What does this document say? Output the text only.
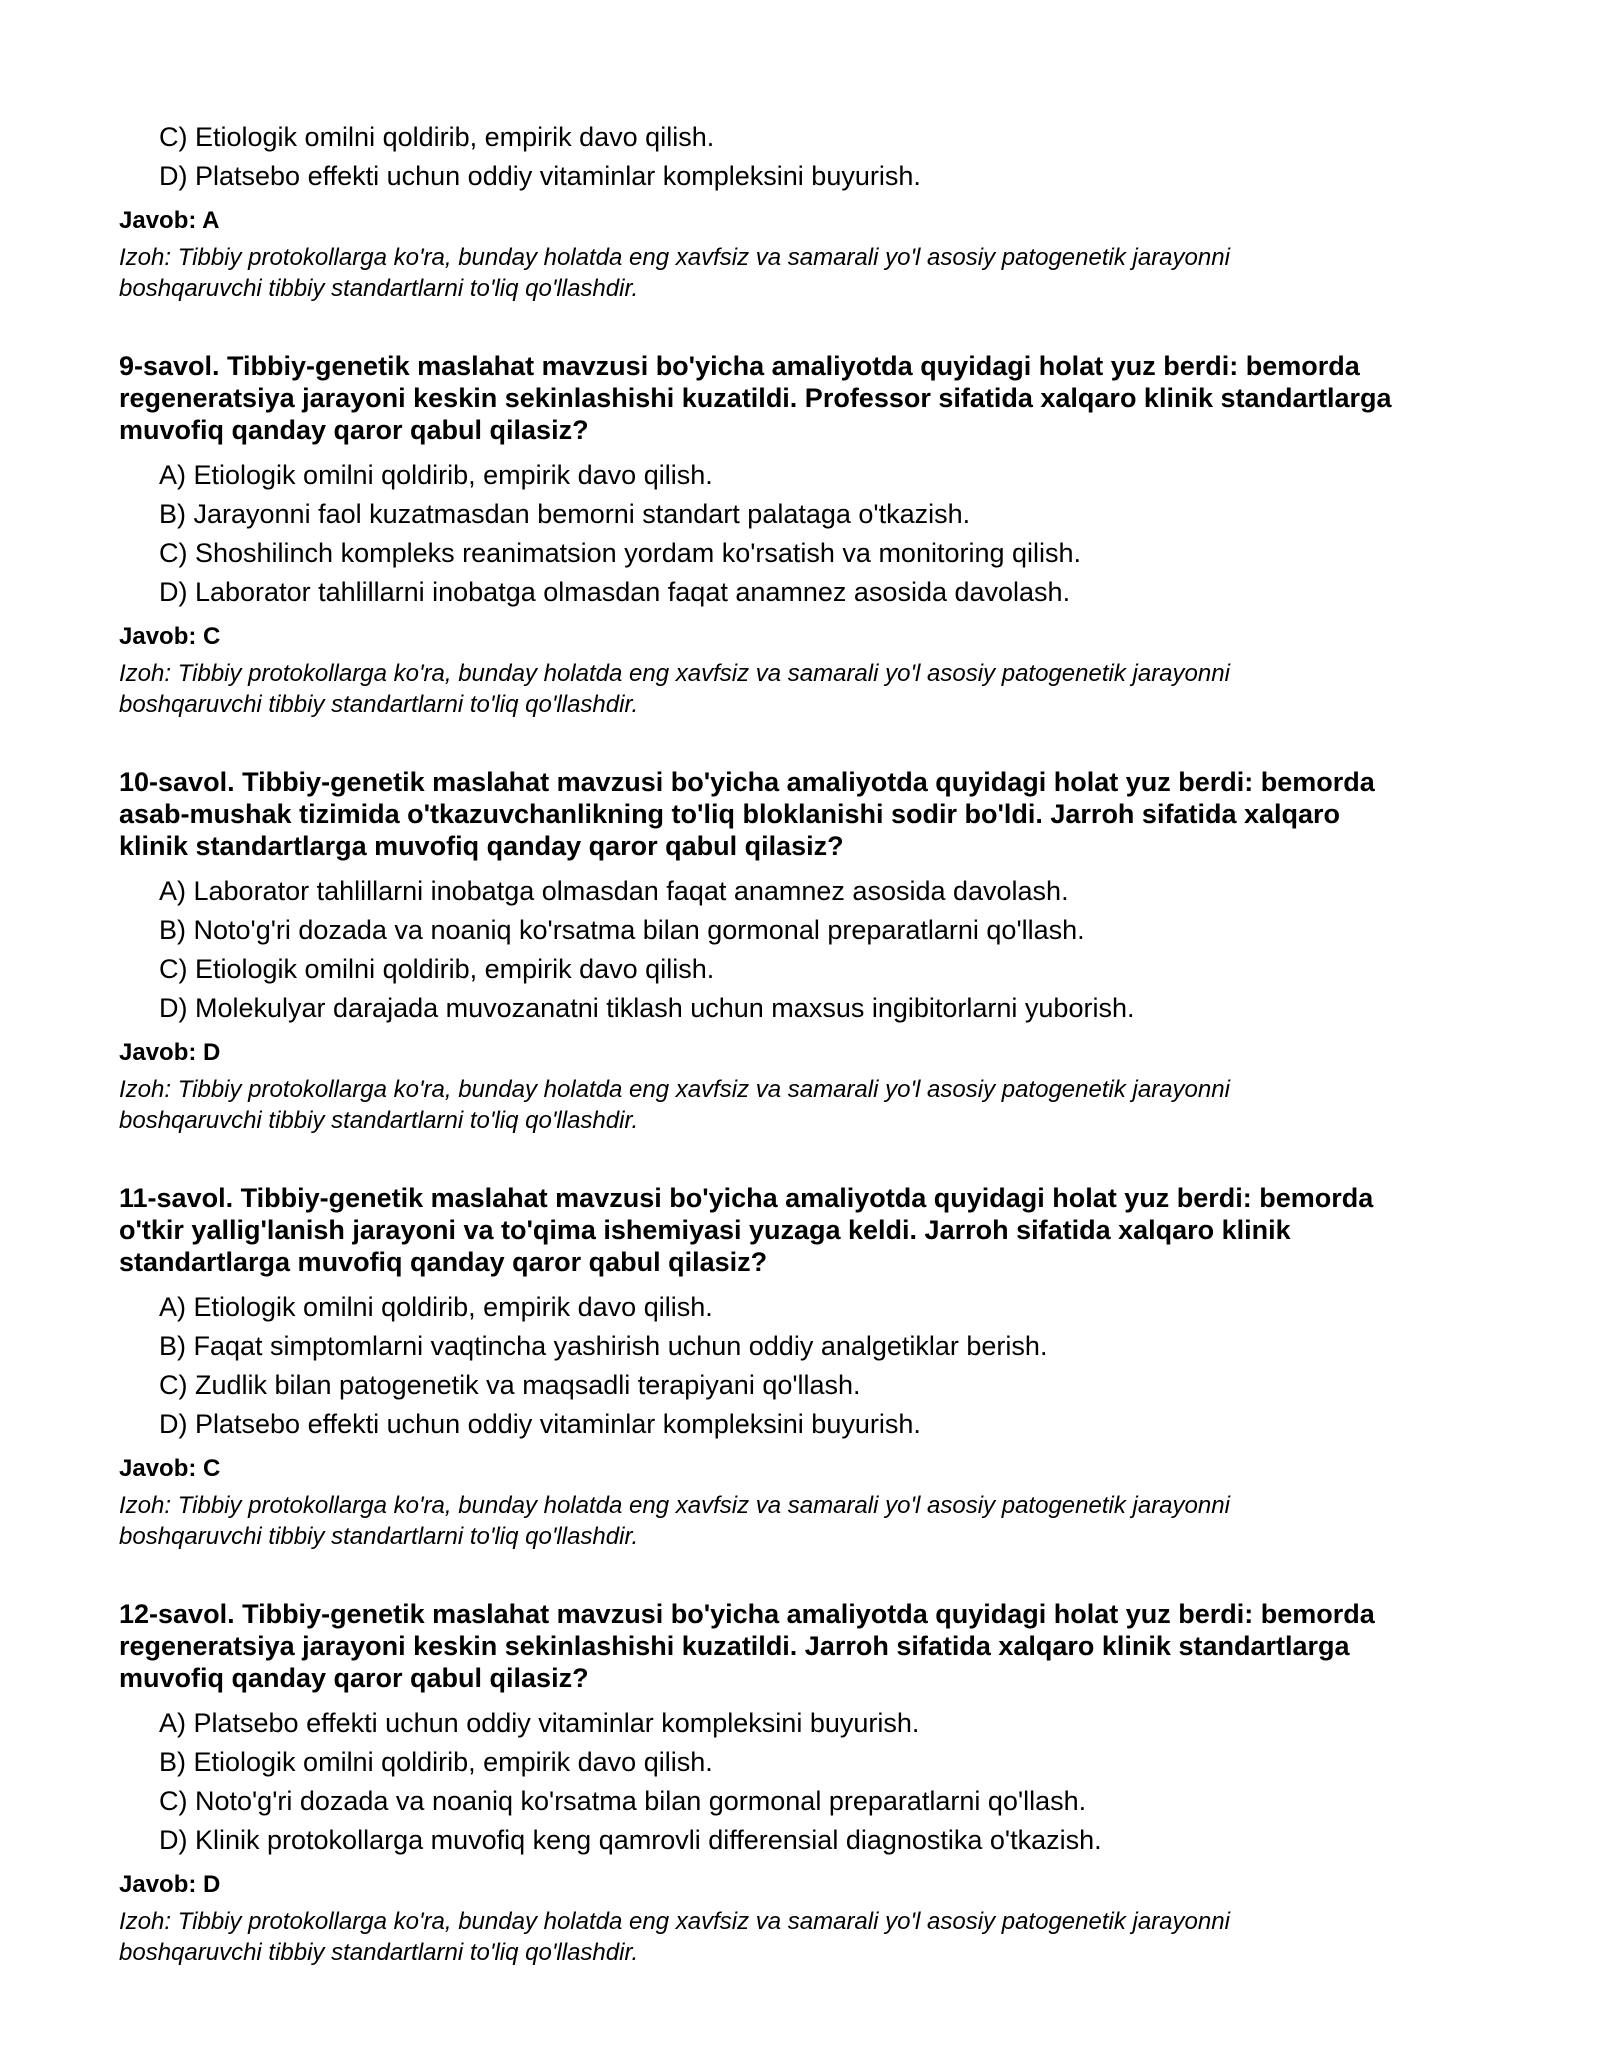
C) Etiologik omilni qoldirib, empirik davo qilish.
D) Platsebo effekti uchun oddiy vitaminlar kompleksini buyurish.
Javob: A
Izoh: Tibbiy protokollarga ko'ra, bunday holatda eng xavfsiz va samarali yo'l asosiy patogenetik jarayonni
boshqaruvchi tibbiy standartlarni to'liq qo'llashdir.
9-savol. Tibbiy-genetik maslahat mavzusi bo'yicha amaliyotda quyidagi holat yuz berdi: bemorda
regeneratsiya jarayoni keskin sekinlashishi kuzatildi. Professor sifatida xalqaro klinik standartlarga
muvofiq qanday qaror qabul qilasiz?
A) Etiologik omilni qoldirib, empirik davo qilish.
B) Jarayonni faol kuzatmasdan bemorni standart palataga o'tkazish.
C) Shoshilinch kompleks reanimatsion yordam ko'rsatish va monitoring qilish.
D) Laborator tahlillarni inobatga olmasdan faqat anamnez asosida davolash.
Javob: C
Izoh: Tibbiy protokollarga ko'ra, bunday holatda eng xavfsiz va samarali yo'l asosiy patogenetik jarayonni
boshqaruvchi tibbiy standartlarni to'liq qo'llashdir.
10-savol. Tibbiy-genetik maslahat mavzusi bo'yicha amaliyotda quyidagi holat yuz berdi: bemorda
asab-mushak tizimida o'tkazuvchanlikning to'liq bloklanishi sodir bo'ldi. Jarroh sifatida xalqaro
klinik standartlarga muvofiq qanday qaror qabul qilasiz?
A) Laborator tahlillarni inobatga olmasdan faqat anamnez asosida davolash.
B) Noto'g'ri dozada va noaniq ko'rsatma bilan gormonal preparatlarni qo'llash.
C) Etiologik omilni qoldirib, empirik davo qilish.
D) Molekulyar darajada muvozanatni tiklash uchun maxsus ingibitorlarni yuborish.
Javob: D
Izoh: Tibbiy protokollarga ko'ra, bunday holatda eng xavfsiz va samarali yo'l asosiy patogenetik jarayonni
boshqaruvchi tibbiy standartlarni to'liq qo'llashdir.
11-savol. Tibbiy-genetik maslahat mavzusi bo'yicha amaliyotda quyidagi holat yuz berdi: bemorda
o'tkir yallig'lanish jarayoni va to'qima ishemiyasi yuzaga keldi. Jarroh sifatida xalqaro klinik
standartlarga muvofiq qanday qaror qabul qilasiz?
A) Etiologik omilni qoldirib, empirik davo qilish.
B) Faqat simptomlarni vaqtincha yashirish uchun oddiy analgetiklar berish.
C) Zudlik bilan patogenetik va maqsadli terapiyani qo'llash.
D) Platsebo effekti uchun oddiy vitaminlar kompleksini buyurish.
Javob: C
Izoh: Tibbiy protokollarga ko'ra, bunday holatda eng xavfsiz va samarali yo'l asosiy patogenetik jarayonni
boshqaruvchi tibbiy standartlarni to'liq qo'llashdir.
12-savol. Tibbiy-genetik maslahat mavzusi bo'yicha amaliyotda quyidagi holat yuz berdi: bemorda
regeneratsiya jarayoni keskin sekinlashishi kuzatildi. Jarroh sifatida xalqaro klinik standartlarga
muvofiq qanday qaror qabul qilasiz?
A) Platsebo effekti uchun oddiy vitaminlar kompleksini buyurish.
B) Etiologik omilni qoldirib, empirik davo qilish.
C) Noto'g'ri dozada va noaniq ko'rsatma bilan gormonal preparatlarni qo'llash.
D) Klinik protokollarga muvofiq keng qamrovli differensial diagnostika o'tkazish.
Javob: D
Izoh: Tibbiy protokollarga ko'ra, bunday holatda eng xavfsiz va samarali yo'l asosiy patogenetik jarayonni
boshqaruvchi tibbiy standartlarni to'liq qo'llashdir.
